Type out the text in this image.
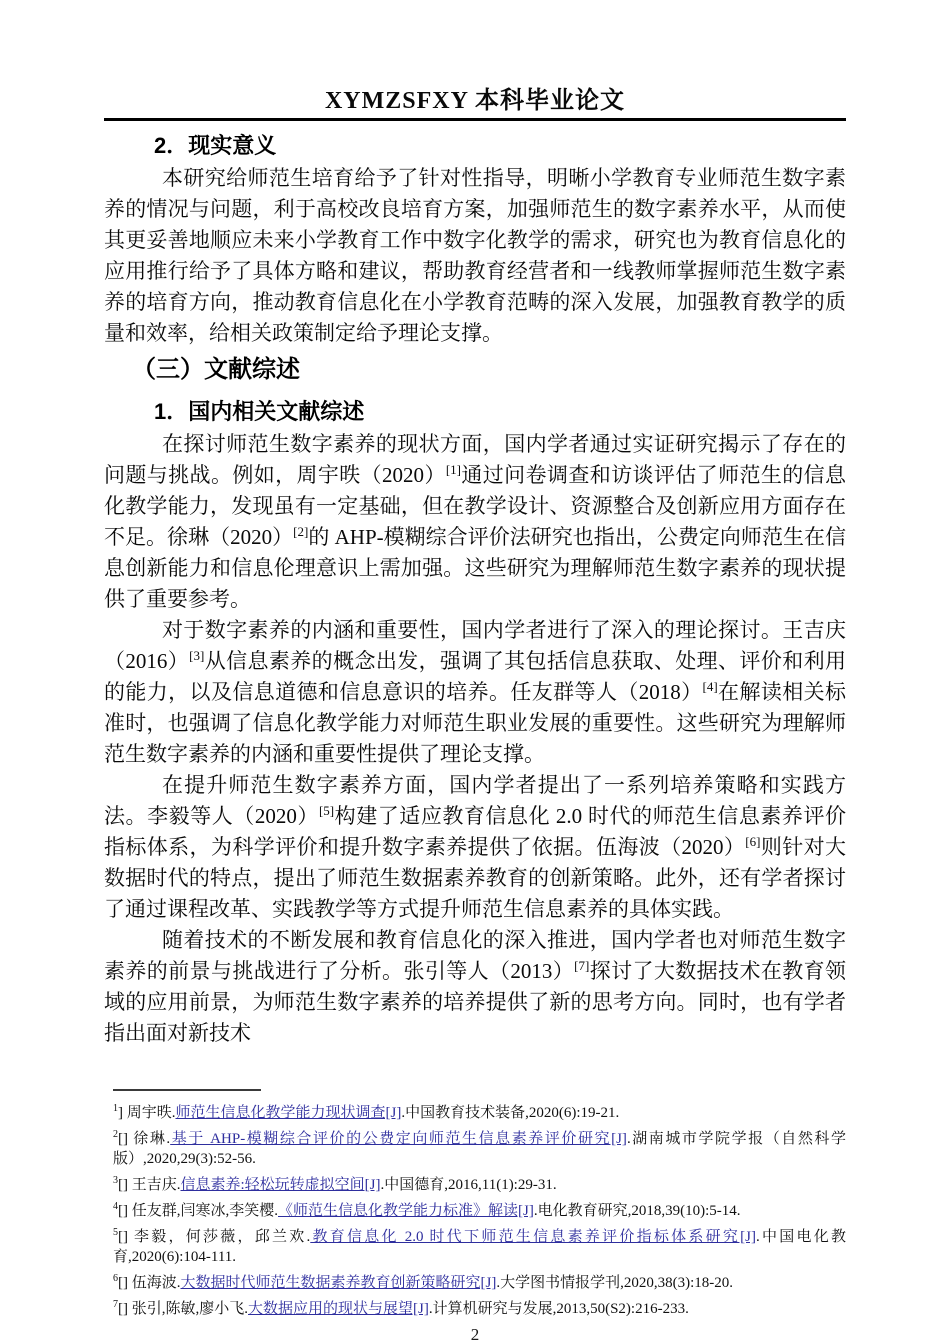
XYMZSFXY 本科毕业论文
2．现实意义

本研究给师范生培育给予了针对性指导，明晰小学教育专业师范生数字素养的情况与问题，利于高校改良培育方案，加强师范生的数字素养水平，从而使其更妥善地顺应未来小学教育工作中数字化教学的需求，研究也为教育信息化的应用推行给予了具体方略和建议，帮助教育经营者和一线教师掌握师范生数字素养的培育方向，推动教育信息化在小学教育范畴的深入发展，加强教育教学的质量和效率，给相关政策制定给予理论支撑。

（三）文献综述
1．国内相关文献综述

在探讨师范生数字素养的现状方面，国内学者通过实证研究揭示了存在的问题与挑战。例如，周宇昳（2020）[1]通过问卷调查和访谈评估了师范生的信息化教学能力，发现虽有一定基础，但在教学设计、资源整合及创新应用方面存在不足。徐琳（2020）[2]的 AHP-模糊综合评价法研究也指出，公费定向师范生在信息创新能力和信息伦理意识上需加强。这些研究为理解师范生数字素养的现状提供了重要参考。

对于数字素养的内涵和重要性，国内学者进行了深入的理论探讨。王吉庆（2016）[3]从信息素养的概念出发，强调了其包括信息获取、处理、评价和利用的能力，以及信息道德和信息意识的培养。任友群等人（2018）[4]在解读相关标准时，也强调了信息化教学能力对师范生职业发展的重要性。这些研究为理解师范生数字素养的内涵和重要性提供了理论支撑。

在提升师范生数字素养方面，国内学者提出了一系列培养策略和实践方法。李毅等人（2020）[5]构建了适应教育信息化 2.0 时代的师范生信息素养评价指标体系，为科学评价和提升数字素养提供了依据。伍海波（2020）[6]则针对大数据时代的特点，提出了师范生数据素养教育的创新策略。此外，还有学者探讨了通过课程改革、实践教学等方式提升师范生信息素养的具体实践。

随着技术的不断发展和教育信息化的深入推进，国内学者也对师范生数字素养的前景与挑战进行了分析。张引等人（2013）[7]探讨了大数据技术在教育领域的应用前景，为师范生数字素养的培养提供了新的思考方向。同时，也有学者指出面对新技术

$^1$] 周宇昳.师范生信息化教学能力现状调查[J].中国教育技术装备,2020(6):19-21.
$^2$[] 徐琳.基于 AHP-模糊综合评价的公费定向师范生信息素养评价研究[J].湖南城市学院学报（自然科学版）,2020,29(3):52-56.
$^3$[] 王吉庆.信息素养:轻松玩转虚拟空间[J].中国德育,2016,11(1):29-31.
$^4$[] 任友群,闫寒冰,李笑樱.《师范生信息化教学能力标准》解读[J].电化教育研究,2018,39(10):5-14.
$^5$[] 李毅，何莎薇，邱兰欢.教育信息化 2.0 时代下师范生信息素养评价指标体系研究[J].中国电化教育,2020(6):104-111.
$^6$[] 伍海波.大数据时代师范生数据素养教育创新策略研究[J].大学图书情报学刊,2020,38(3):18-20.
$^7$[] 张引,陈敏,廖小飞.大数据应用的现状与展望[J].计算机研究与发展,2013,50(S2):216-233.
2
